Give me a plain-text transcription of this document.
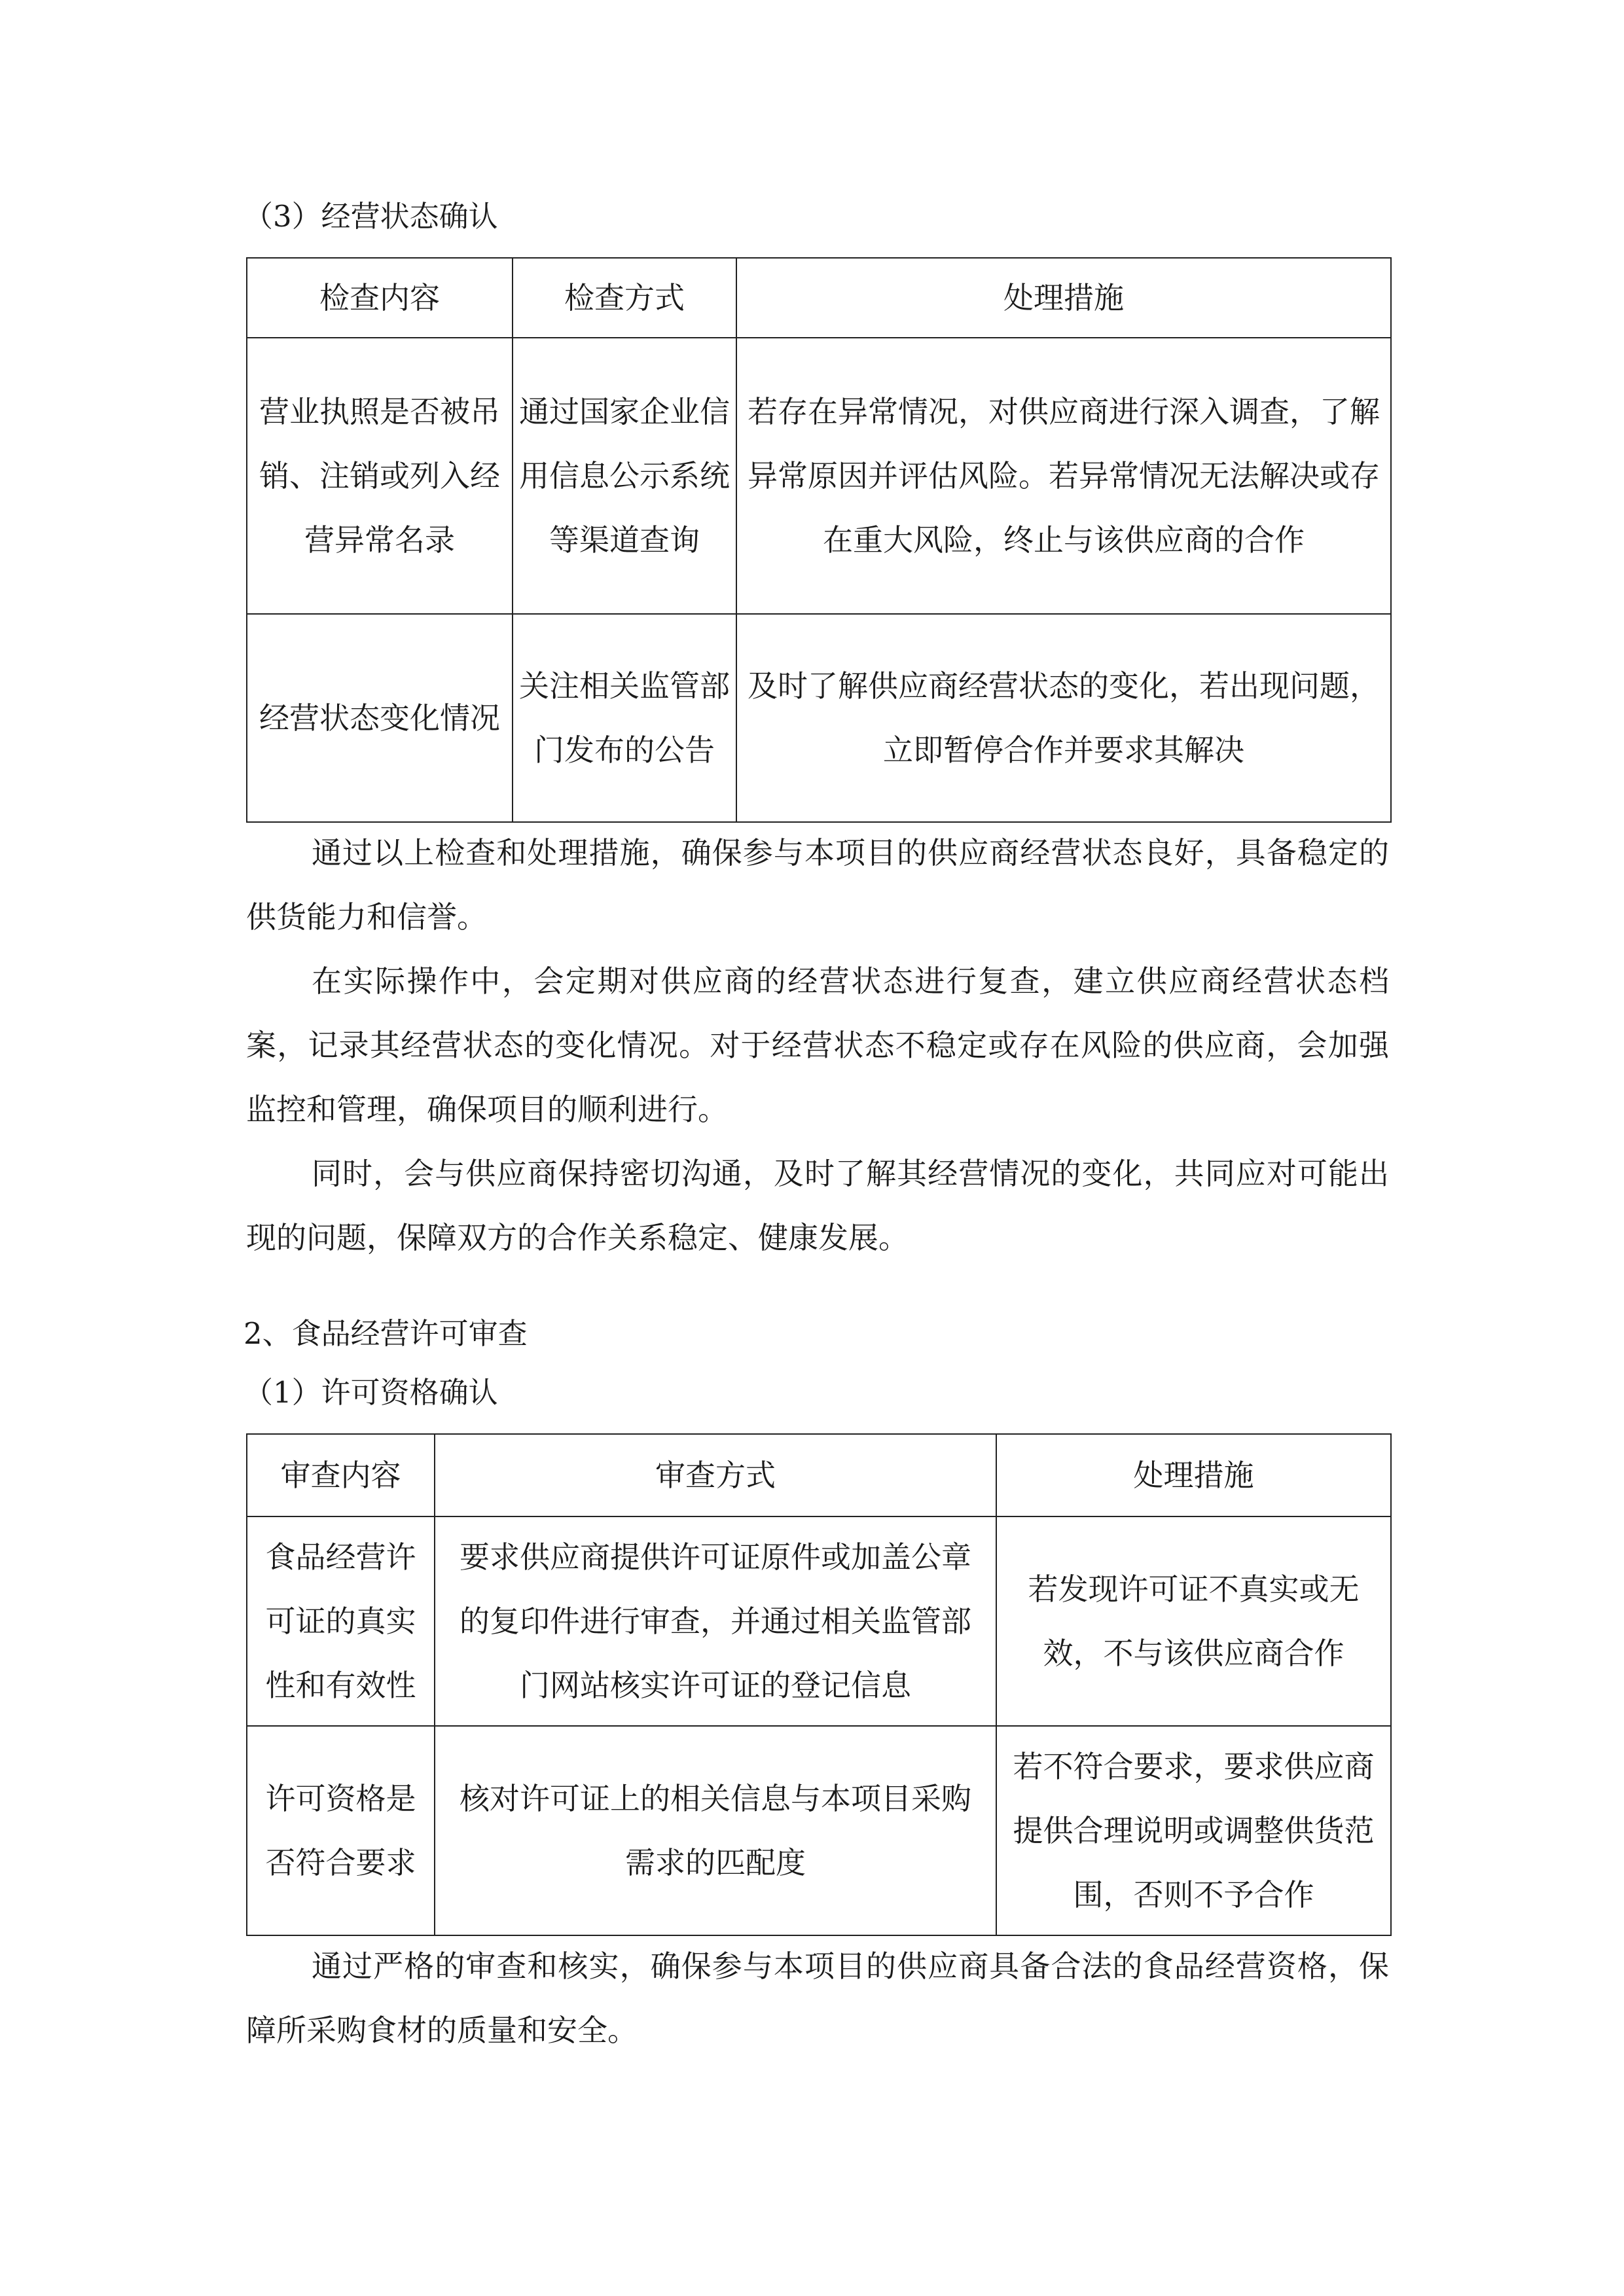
（3）经营状态确认
检查内容	检查方式	处理措施
营业执照是否被吊销、注销或列入经营异常名录	通过国家企业信用信息公示系统等渠道查询	若存在异常情况，对供应商进行深入调查，了解异常原因并评估风险。若异常情况无法解决或存在重大风险，终止与该供应商的合作
经营状态变化情况	关注相关监管部门发布的公告	及时了解供应商经营状态的变化，若出现问题，立即暂停合作并要求其解决

通过以上检查和处理措施，确保参与本项目的供应商经营状态良好，具备稳定的供货能力和信誉。

在实际操作中，会定期对供应商的经营状态进行复查，建立供应商经营状态档案，记录其经营状态的变化情况。对于经营状态不稳定或存在风险的供应商，会加强监控和管理，确保项目的顺利进行。

同时，会与供应商保持密切沟通，及时了解其经营情况的变化，共同应对可能出现的问题，保障双方的合作关系稳定、健康发展。

2、食品经营许可审查
（1）许可资格确认
审查内容	审查方式	处理措施
食品经营许可证的真实性和有效性	要求供应商提供许可证原件或加盖公章的复印件进行审查，并通过相关监管部门网站核实许可证的登记信息	若发现许可证不真实或无效，不与该供应商合作
许可资格是否符合要求	核对许可证上的相关信息与本项目采购需求的匹配度	若不符合要求，要求供应商提供合理说明或调整供货范围，否则不予合作

通过严格的审查和核实，确保参与本项目的供应商具备合法的食品经营资格，保障所采购食材的质量和安全。
